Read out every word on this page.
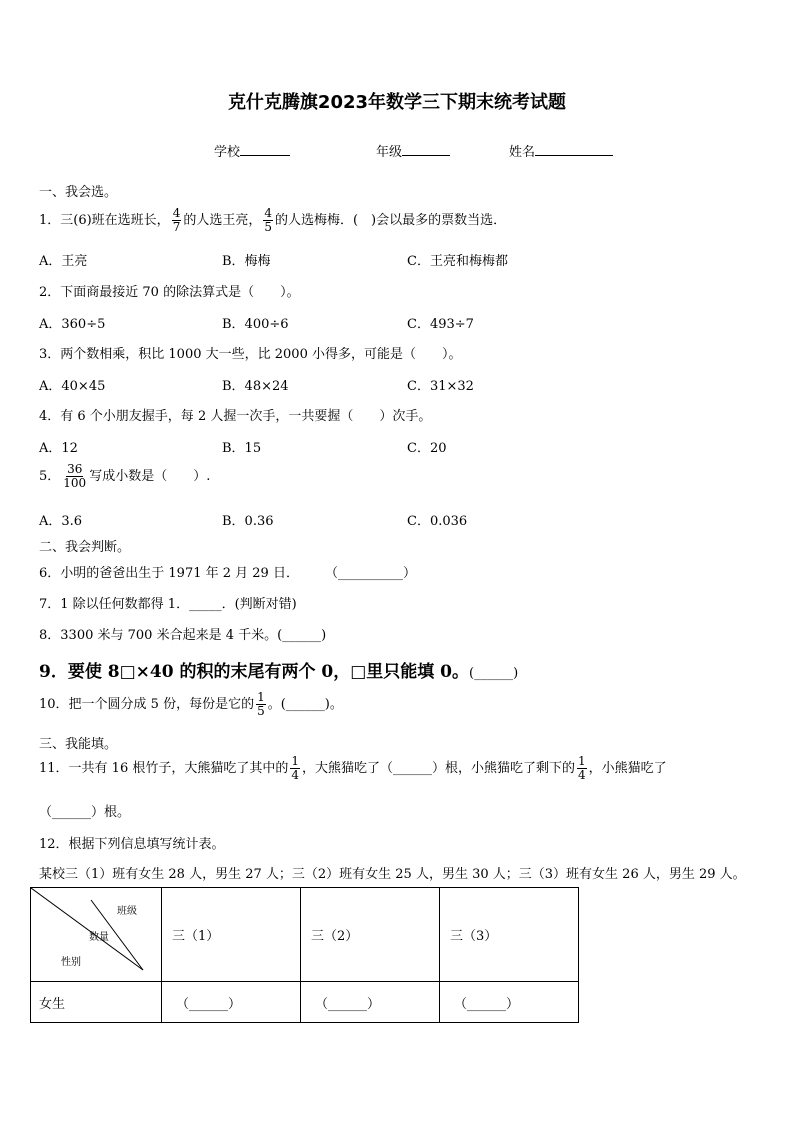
克什克腾旗2023年数学三下期末统考试题
学校	年级	姓名
一、我会选。
1．三(6)班在选班长， $\frac{4}{7}$ 的人选王亮， $\frac{4}{5}$ 的人选梅梅．(　)会以最多的票数当选．
A．王亮	B．梅梅	C．王亮和梅梅都
2．下面商最接近 70 的除法算式是（　　）。
A．360÷5	B．400÷6	C．493÷7
3．两个数相乘，积比 1000 大一些，比 2000 小得多，可能是（　　）。
A．40×45	B．48×24	C．31×32
4．有 6 个小朋友握手，每 2 人握一次手，一共要握（　　）次手。
A．12	B．15	C．20
5． $\frac{36}{100}$ 写成小数是（　　）.
A．3.6	B．0.36	C．0.036
二、我会判断。
6．小明的爸爸出生于 1971 年 2 月 29 日． （__________）
7．1 除以任何数都得 1．_____．(判断对错)
8．3300 米与 700 米合起来是 4 千米。(______)
9．要使 8□×40 的积的末尾有两个 0，□里只能填 0。(______)
10．把一个圆分成 5 份，每份是它的 $\frac{1}{5}$ 。(______)。
三、我能填。
11．一共有 16 根竹子，大熊猫吃了其中的 $\frac{1}{4}$ ，大熊猫吃了（______）根，小熊猫吃了剩下的 $\frac{1}{4}$ ，小熊猫吃了
（______）根。
12．根据下列信息填写统计表。
某校三（1）班有女生 28 人，男生 27 人；三（2）班有女生 25 人，男生 30 人；三（3）班有女生 26 人，男生 29 人。
班级
数量
性别	三（1）	三（2）	三（3）
女生	（______）	（______）	（______）
